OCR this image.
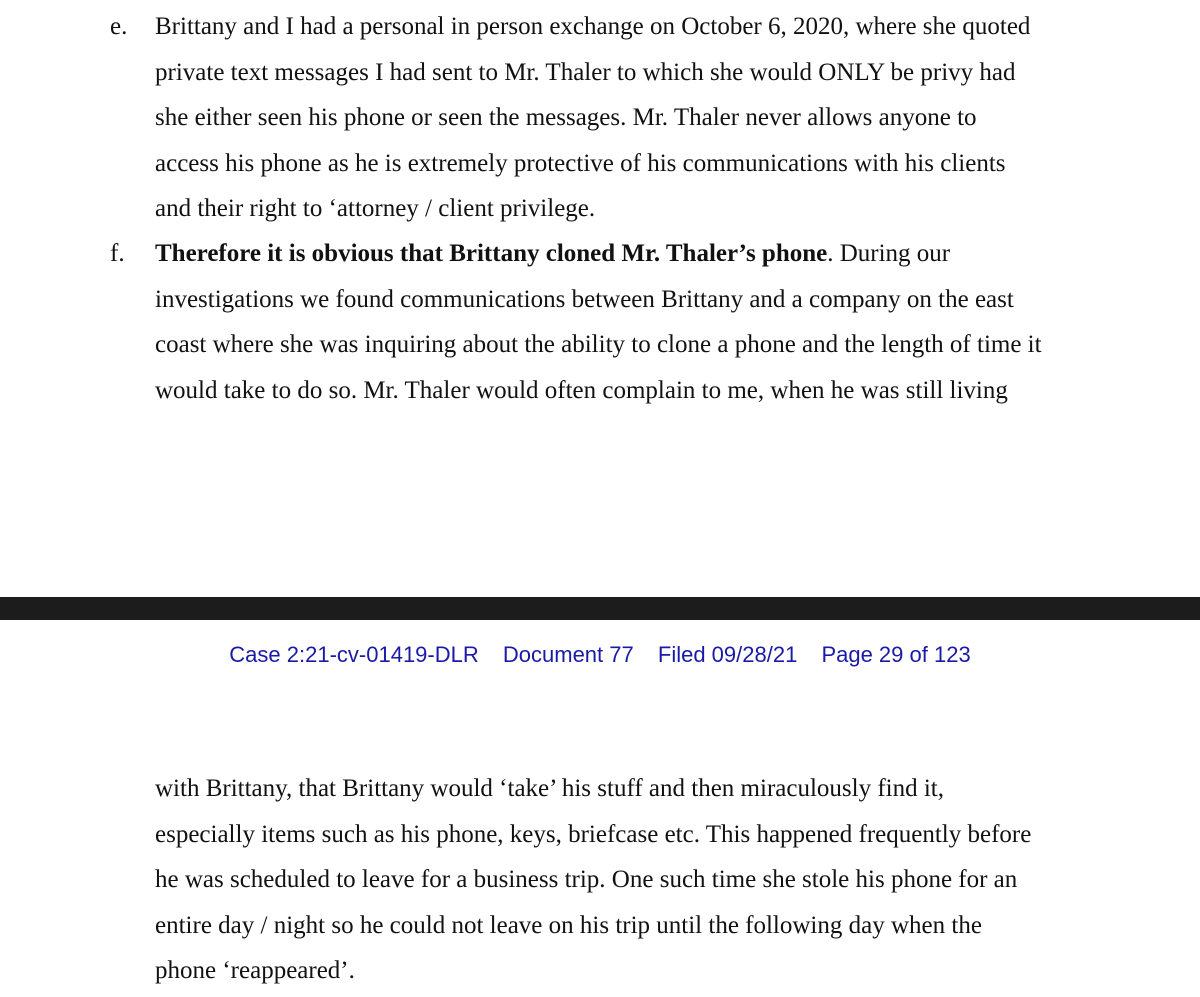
e. Brittany and I had a personal in person exchange on October 6, 2020, where she quoted
private text messages I had sent to Mr. Thaler to which she would ONLY be privy had
she either seen his phone or seen the messages. Mr. Thaler never allows anyone to
access his phone as he is extremely protective of his communications with his clients
and their right to ‘attorney / client privilege.
f. Therefore it is obvious that Brittany cloned Mr. Thaler’s phone. During our
investigations we found communications between Brittany and a company on the east
coast where she was inquiring about the ability to clone a phone and the length of time it
would take to do so. Mr. Thaler would often complain to me, when he was still living
Case 2:21-cv-01419-DLR Document 77 Filed 09/28/21 Page 29 of 123
with Brittany, that Brittany would ‘take’ his stuff and then miraculously find it,
especially items such as his phone, keys, briefcase etc. This happened frequently before
he was scheduled to leave for a business trip. One such time she stole his phone for an
entire day / night so he could not leave on his trip until the following day when the
phone ‘reappeared’.
